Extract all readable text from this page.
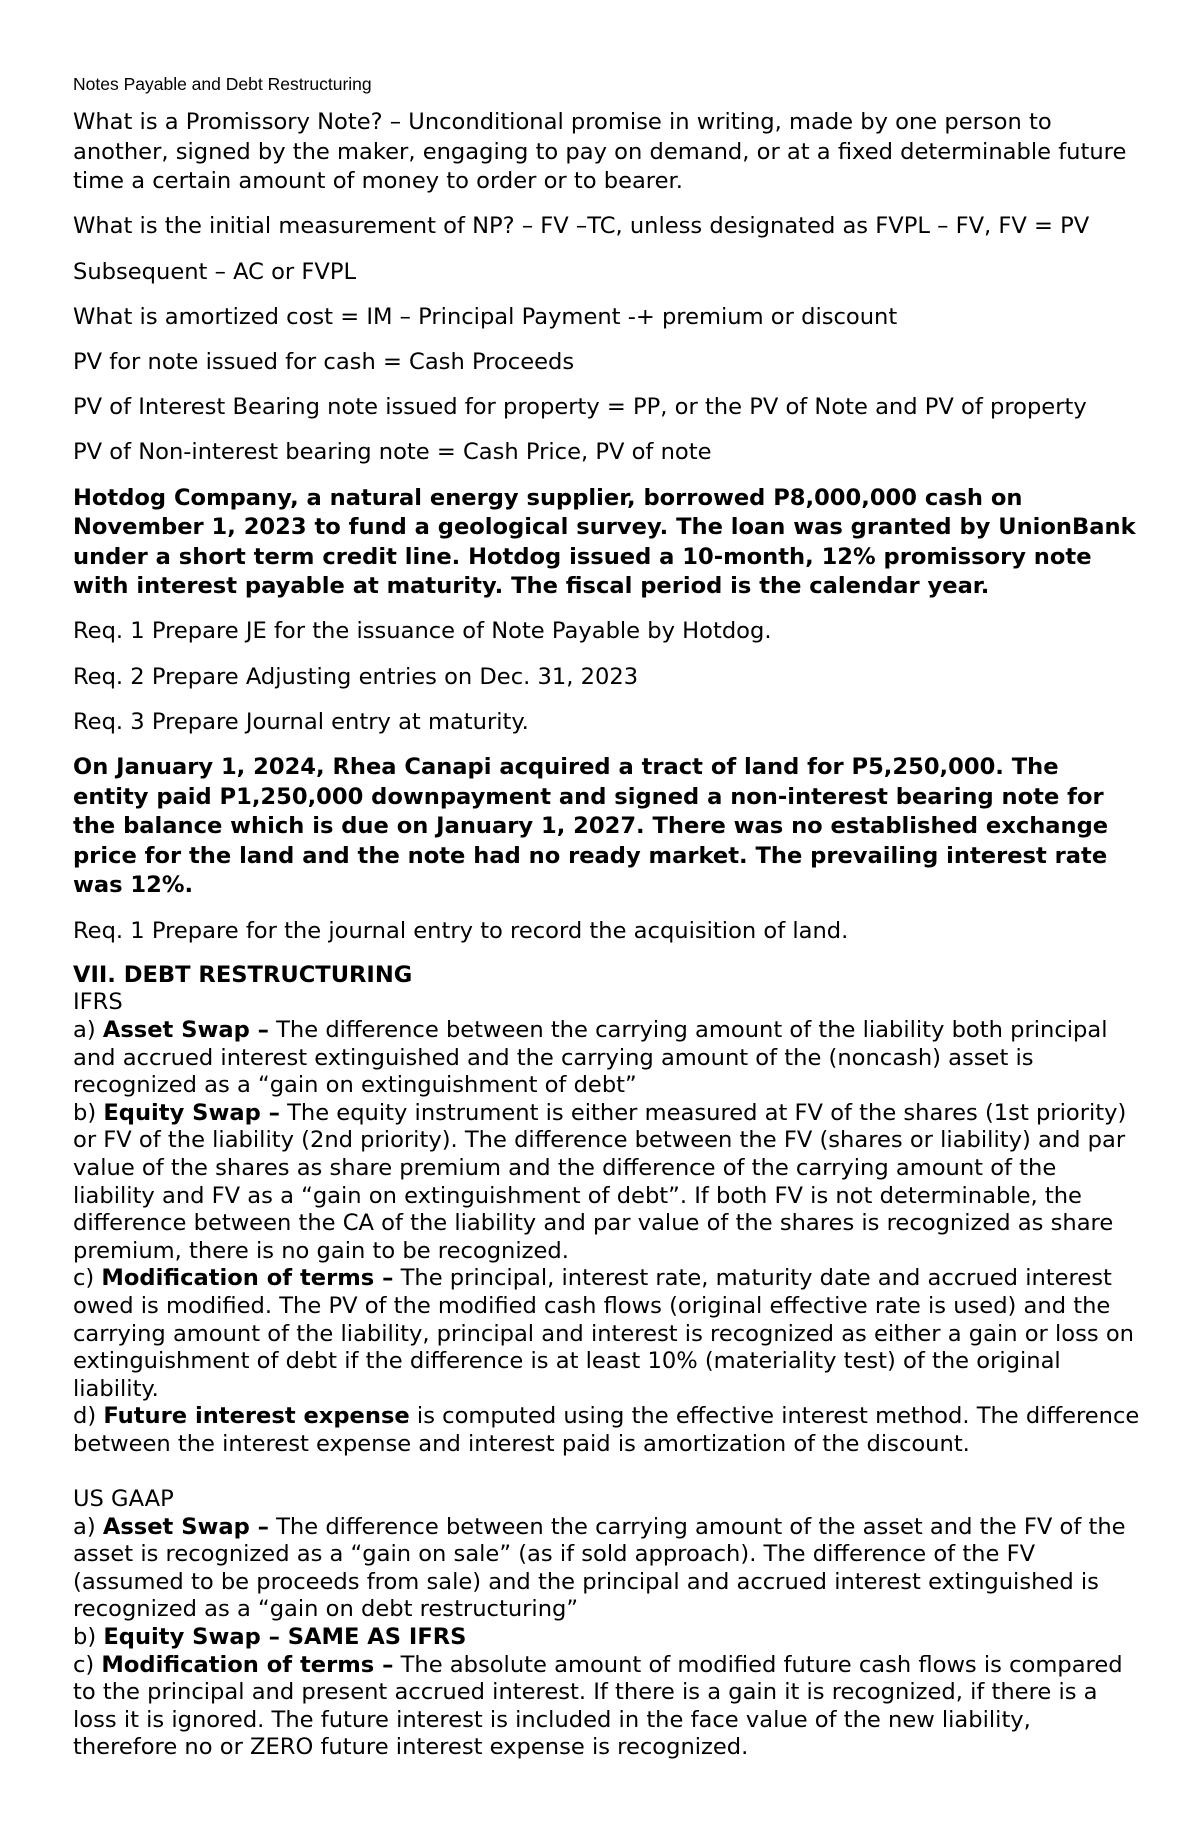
Notes Payable and Debt Restructuring

What is a Promissory Note? – Unconditional promise in writing, made by one person to another, signed by the maker, engaging to pay on demand, or at a fixed determinable future time a certain amount of money to order or to bearer.

What is the initial measurement of NP? – FV –TC, unless designated as FVPL – FV, FV = PV

Subsequent – AC or FVPL

What is amortized cost = IM – Principal Payment -+ premium or discount

PV for note issued for cash = Cash Proceeds

PV of Interest Bearing note issued for property = PP, or the PV of Note and PV of property

PV of Non-interest bearing note = Cash Price, PV of note

Hotdog Company, a natural energy supplier, borrowed P8,000,000 cash on November 1, 2023 to fund a geological survey. The loan was granted by UnionBank under a short term credit line. Hotdog issued a 10-month, 12% promissory note with interest payable at maturity. The fiscal period is the calendar year.

Req. 1 Prepare JE for the issuance of Note Payable by Hotdog.

Req. 2 Prepare Adjusting entries on Dec. 31, 2023

Req. 3 Prepare Journal entry at maturity.

On January 1, 2024, Rhea Canapi acquired a tract of land for P5,250,000. The entity paid P1,250,000 downpayment and signed a non-interest bearing note for the balance which is due on January 1, 2027. There was no established exchange price for the land and the note had no ready market. The prevailing interest rate was 12%.

Req. 1 Prepare for the journal entry to record the acquisition of land.

VII. DEBT RESTRUCTURING
IFRS
a) Asset Swap – The difference between the carrying amount of the liability both principal and accrued interest extinguished and the carrying amount of the (noncash) asset is recognized as a “gain on extinguishment of debt”
b) Equity Swap – The equity instrument is either measured at FV of the shares (1st priority) or FV of the liability (2nd priority). The difference between the FV (shares or liability) and par value of the shares as share premium and the difference of the carrying amount of the liability and FV as a “gain on extinguishment of debt”. If both FV is not determinable, the difference between the CA of the liability and par value of the shares is recognized as share premium, there is no gain to be recognized.
c) Modification of terms – The principal, interest rate, maturity date and accrued interest owed is modified. The PV of the modified cash flows (original effective rate is used) and the carrying amount of the liability, principal and interest is recognized as either a gain or loss on extinguishment of debt if the difference is at least 10% (materiality test) of the original liability.
d) Future interest expense is computed using the effective interest method. The difference between the interest expense and interest paid is amortization of the discount.
US GAAP
a) Asset Swap – The difference between the carrying amount of the asset and the FV of the asset is recognized as a “gain on sale” (as if sold approach). The difference of the FV (assumed to be proceeds from sale) and the principal and accrued interest extinguished is recognized as a “gain on debt restructuring”
b) Equity Swap – SAME AS IFRS
c) Modification of terms – The absolute amount of modified future cash flows is compared to the principal and present accrued interest. If there is a gain it is recognized, if there is a loss it is ignored. The future interest is included in the face value of the new liability, therefore no or ZERO future interest expense is recognized.
